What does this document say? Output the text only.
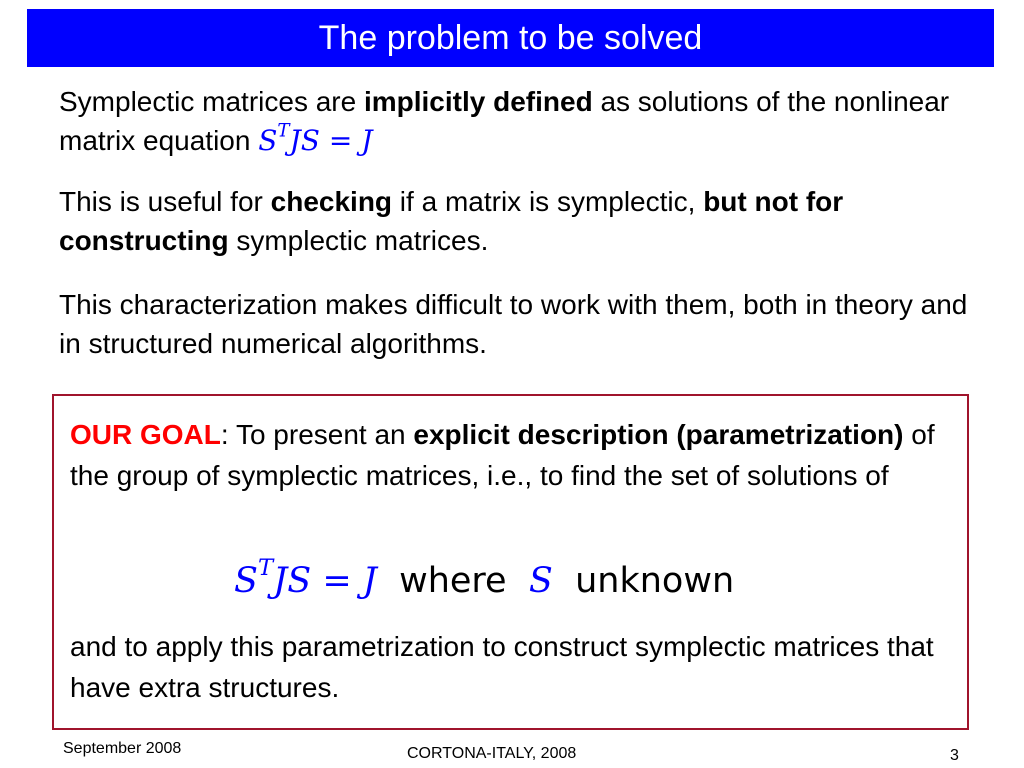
The problem to be solved

Symplectic matrices are implicitly defined as solutions of the nonlinear matrix equation $S^TJS = J$

This is useful for checking if a matrix is symplectic, but not for constructing symplectic matrices.

This characterization makes difficult to work with them, both in theory and in structured numerical algorithms.

OUR GOAL: To present an explicit description (parametrization) of the group of symplectic matrices, i.e., to find the set of solutions of

$S^TJS = J$ where S unknown

and to apply this parametrization to construct symplectic matrices that have extra structures.

September 2008	CORTONA-ITALY, 2008	3
